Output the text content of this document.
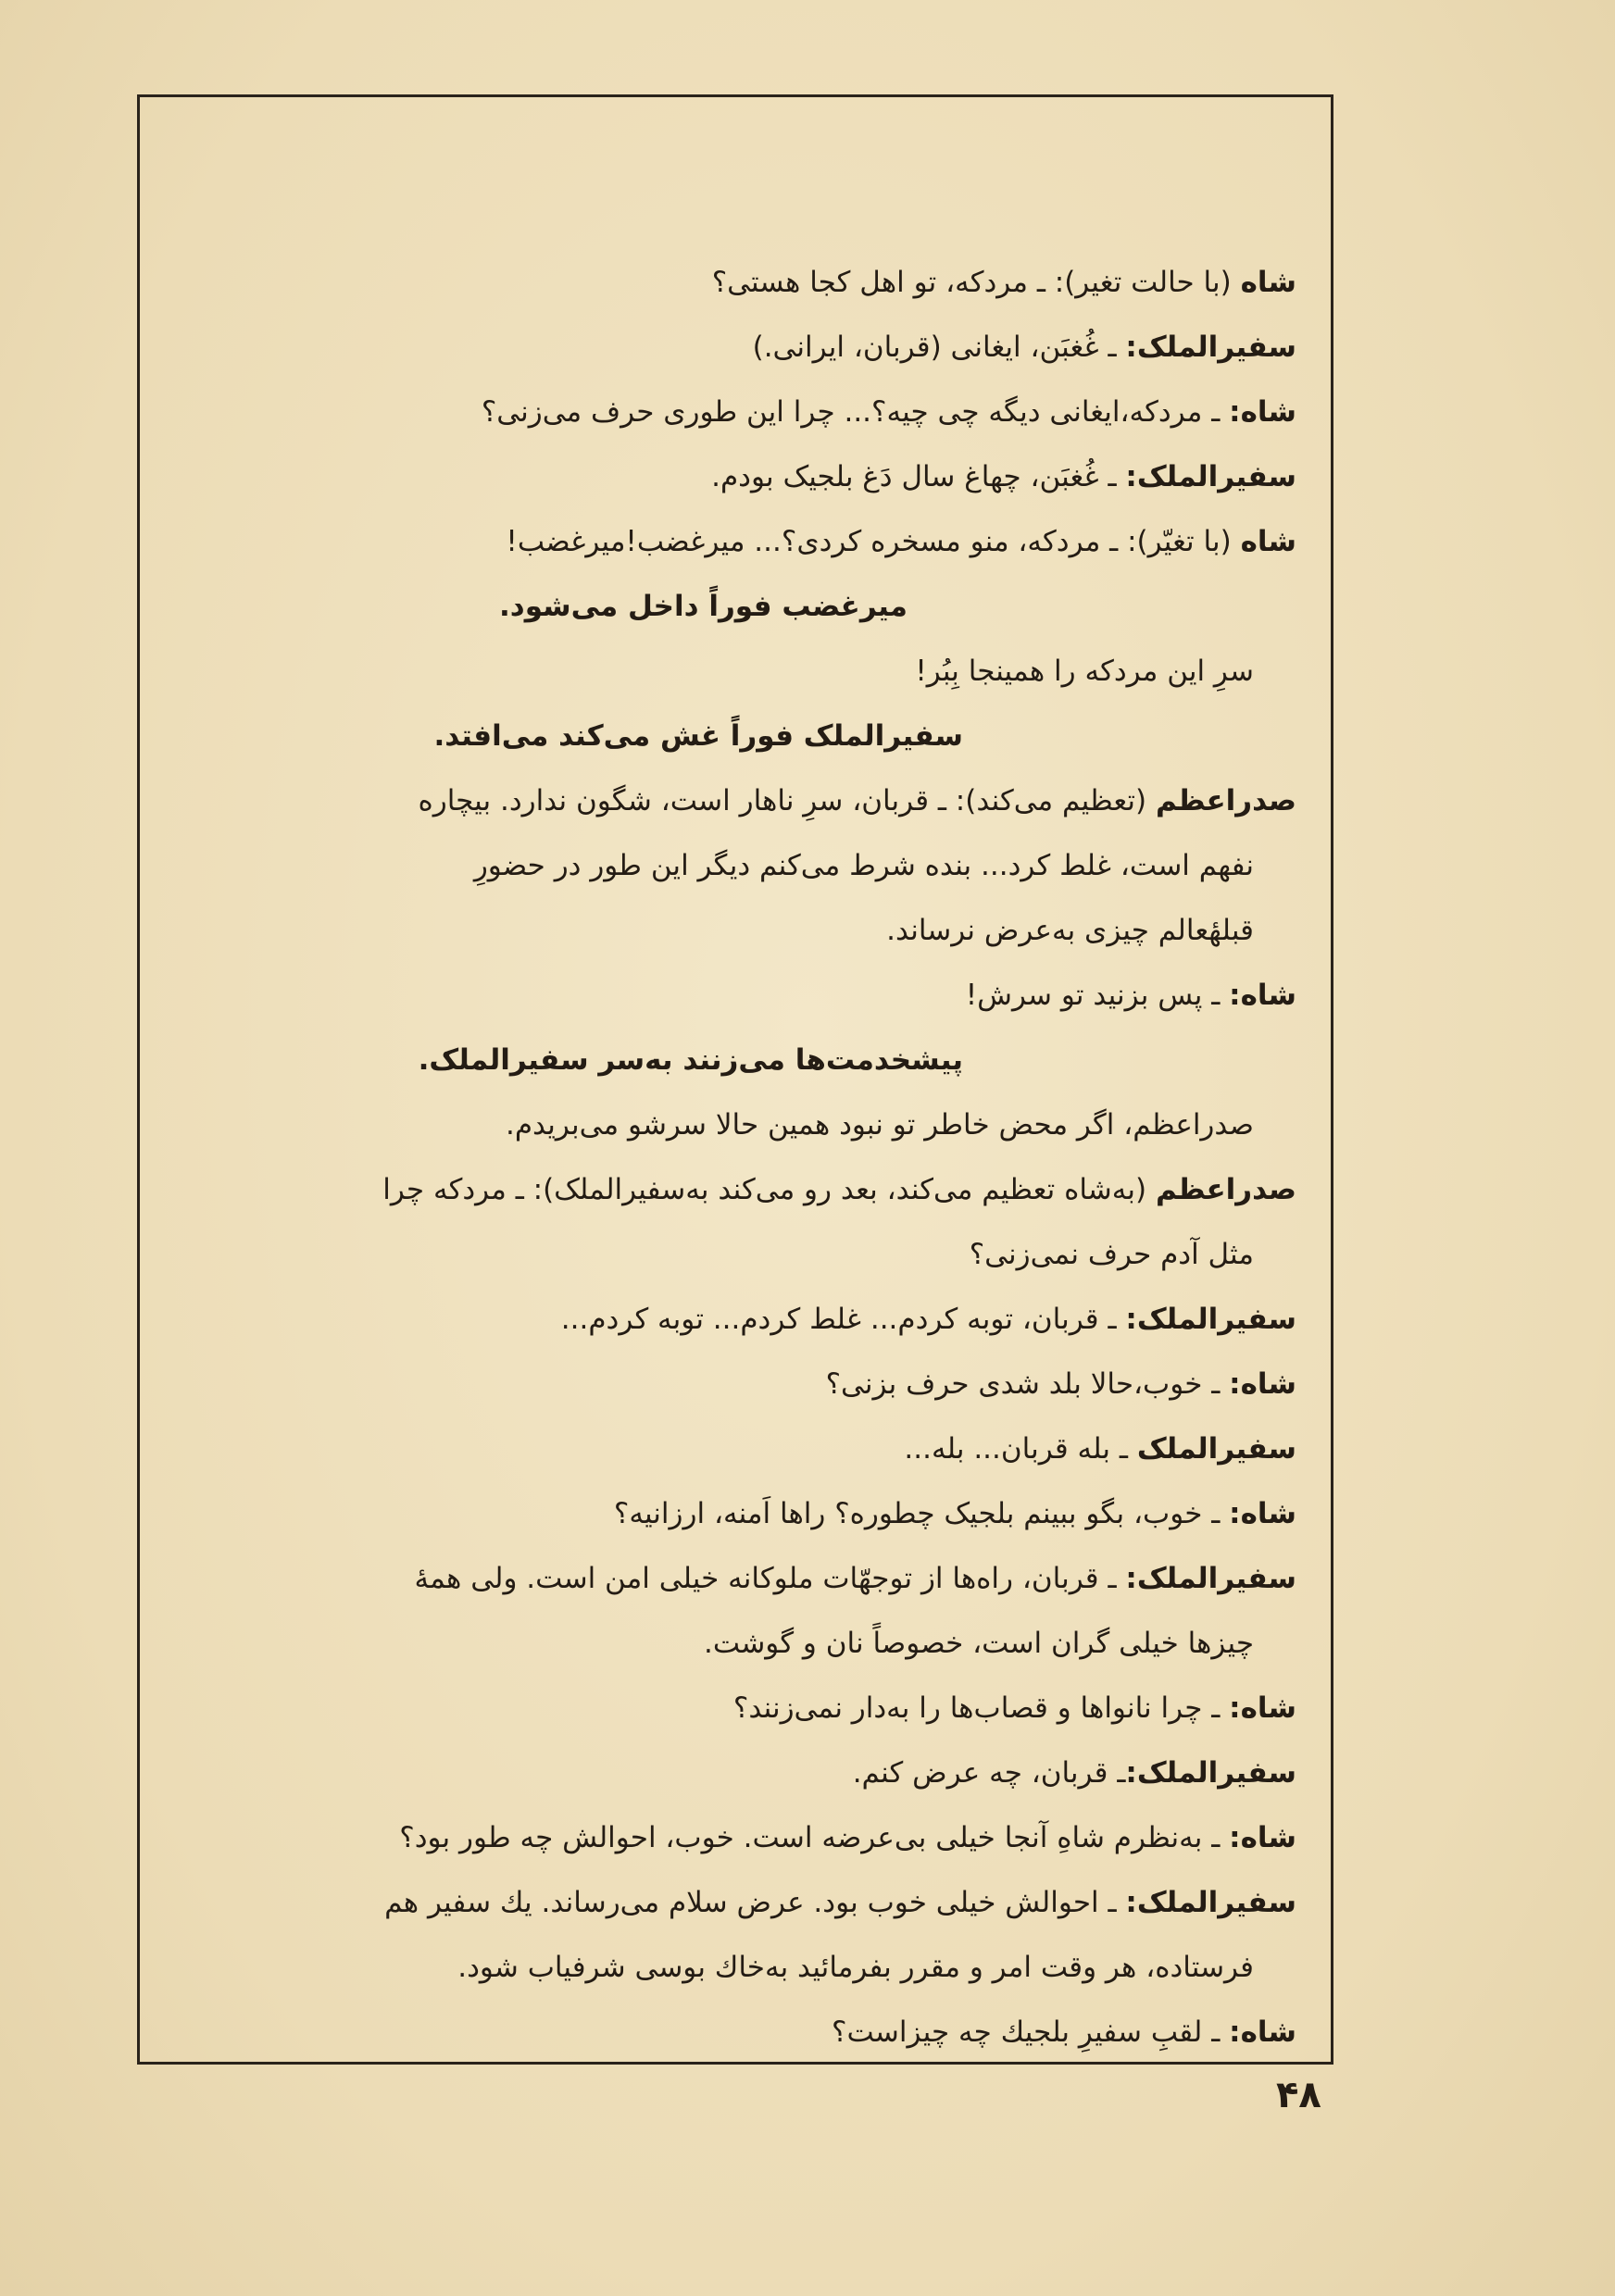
شاه (با حالت تغیر): ـ مردکه، تو اهل کجا هستی؟
سفیرالملک: ـ غُغبَن، ایغانی (قربان، ایرانی.)
شاه: ـ مردکه،ایغانی دیگه چی چیه؟... چرا این طوری حرف می‌زنی؟
سفیرالملک: ـ غُغبَن، چهاغ سال دَغ بلجیک بودم.
شاه (با تغیّر): ـ مردکه، منو مسخره کردی؟... میرغضب!میرغضب!
میرغضب فوراً داخل می‌شود.
سرِ این مردکه را همینجا بِبُر!
سفیرالملک فوراً غش می‌کند می‌افتد.
صدراعظم (تعظیم می‌کند): ـ قربان، سرِ ناهار است، شگون ندارد. بیچاره
نفهم است، غلط کرد... بنده شرط می‌کنم دیگر این طور در حضورِ
قبلهٔعالم چیزی به‌عرض نرساند.
شاه: ـ پس بزنید تو سرش!
پیشخدمت‌ها می‌زنند به‌سر سفیرالملک.
صدراعظم، اگر محض خاطر تو نبود همین حالا سرشو می‌بریدم.
صدراعظم (به‌شاه تعظیم می‌کند، بعد رو می‌کند به‌سفیرالملک): ـ مردکه چرا
مثل آدم حرف نمی‌زنی؟
سفیرالملک: ـ قربان، توبه کردم... غلط کردم... توبه کردم...
شاه: ـ خوب،حالا بلد شدی حرف بزنی؟
سفیرالملک ـ بله قربان... بله...
شاه: ـ خوب، بگو ببینم بلجیک چطوره؟ راها اَمنه، ارزانیه؟
سفیرالملک: ـ قربان، راه‌ها از توجهّات ملوکانه خیلی امن است. ولی همهٔ
چیزها خیلی گران است، خصوصاً نان و گوشت.
شاه: ـ چرا نانواها و قصاب‌ها را به‌دار نمی‌زنند؟
سفیرالملک:ـ قربان، چه عرض کنم.
شاه: ـ به‌نظرم شاهِ آنجا خیلی بی‌عرضه است. خوب، احوالش چه طور بود؟
سفیرالملک: ـ احوالش خیلی خوب بود. عرض سلام می‌رساند. یك سفیر هم
فرستاده، هر وقت امر و مقرر بفرمائید به‌خاك بوسی شرفیاب شود.
شاه: ـ لقبِ سفیرِ بلجیك چه چیزاست؟
۴۸
